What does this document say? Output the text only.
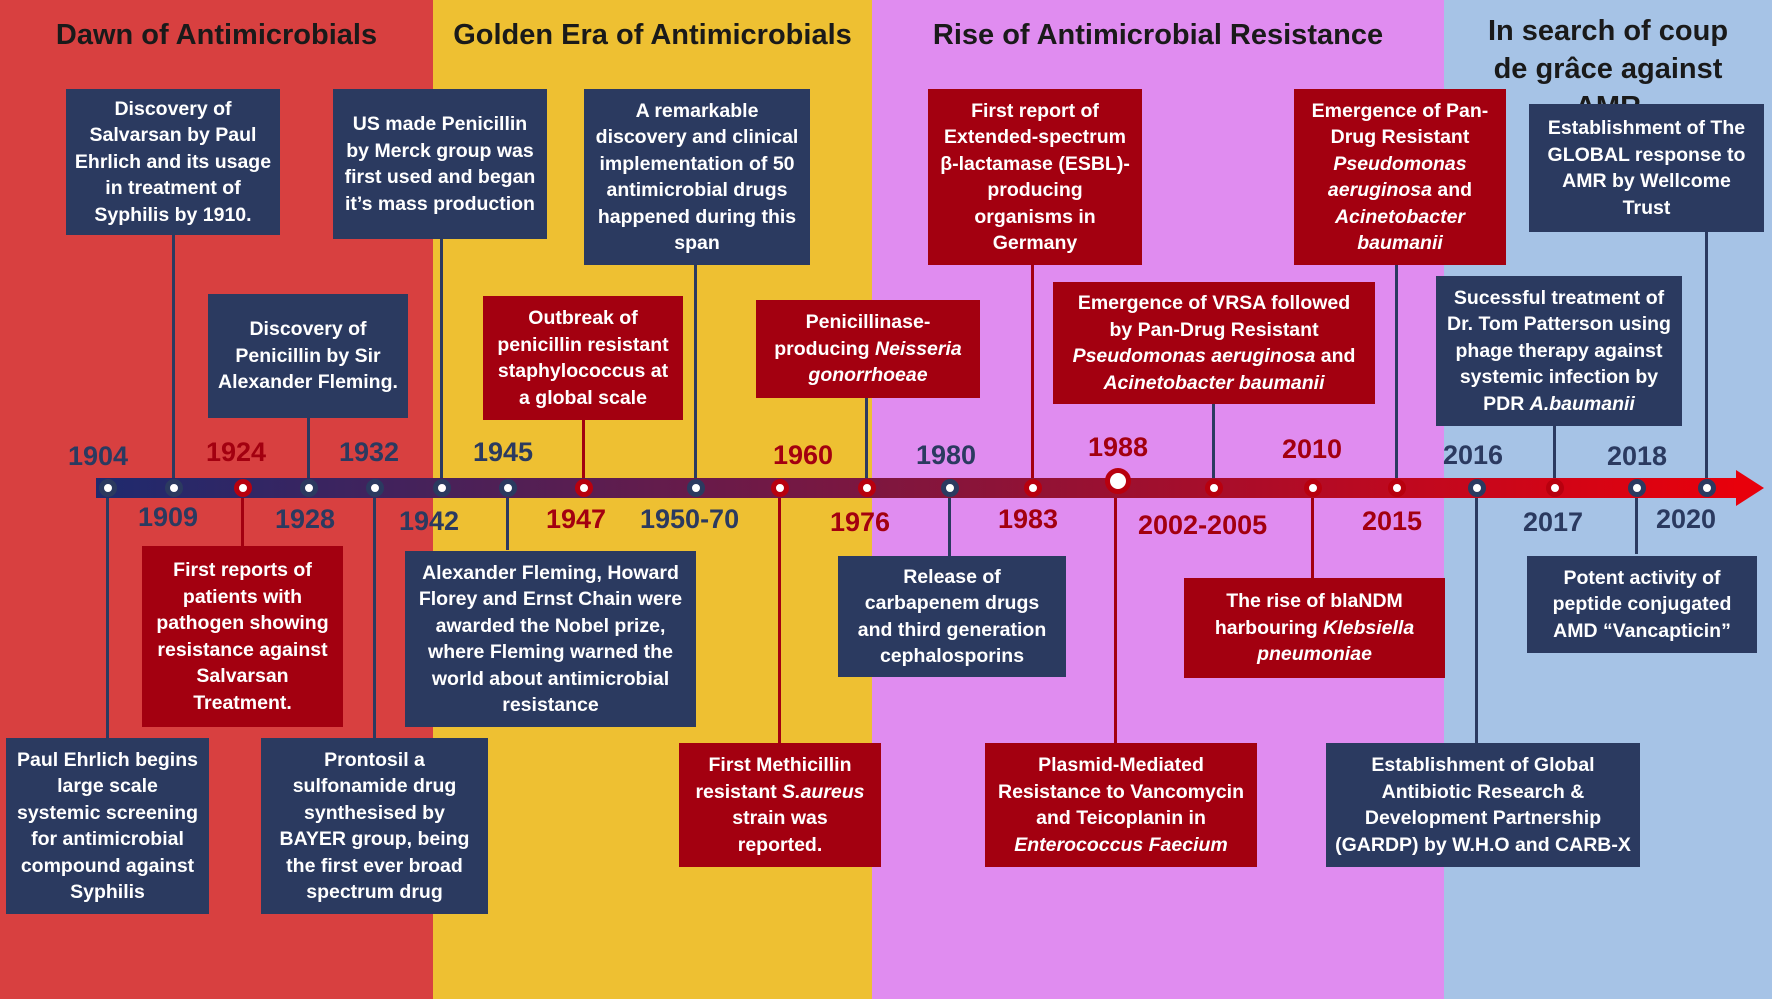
Dawn of Antimicrobials	Golden Era of Antimicrobials	Rise of Antimicrobial Resistance	In search of coup de grâce against
1904
1909
1924
1928
1932
1942
1945
1947 1950-70
1960
1976
1980
1983
1988
2002-2005
2010
2015
2016
2017
2018
2020
Discovery of Salvarsan by Paul Ehrlich and its usage in treatment of Syphilis by 1910.
Discovery of Penicillin by Sir Alexander Fleming.
US made Penicillin by Merck group was first used and began it’s mass production
A remarkable discovery and clinical implementation of 50 antimicrobial drugs happened during this span
Outbreak of penicillin resistant staphylococcus at a global scale
Penicillinase-
producing Neisseria
gonorrhoeae
First report of Extended-spectrum β-lactamase (ESBL)-producing organisms in Germany
Emergence of VRSA followed
by Pan-Drug Resistant
Pseudomonas aeruginosa and
Acinetobacter baumanii
Emergence of Pan-
Drug Resistant
Pseudomonas
aeruginosa and
Acinetobacter
baumanii
Establishment of The GLOBAL response to AMR by Wellcome Trust
Sucessful treatment of
Dr. Tom Patterson using
phage therapy against
systemic infection by
PDR A.baumanii
Paul Ehrlich begins large scale systemic screening for antimicrobial compound against Syphilis
First reports of patients with pathogen showing resistance against Salvarsan Treatment.
Prontosil a sulfonamide drug synthesised by BAYER group, being the first ever broad spectrum drug
Alexander Fleming, Howard Florey and Ernst Chain were awarded the Nobel prize, where Fleming warned the world about antimicrobial resistance
First Methicillin
resistant S.aureus
strain was
reported.
Release of carbapenem drugs and third generation cephalosporins
Plasmid-Mediated
Resistance to Vancomycin
and Teicoplanin in
Enterococcus Faecium
The rise of blaNDM
harbouring Klebsiella
pneumoniae
Establishment of Global Antibiotic Research & Development Partnership (GARDP) by W.H.O and CARB-X
Potent activity of peptide conjugated AMD “Vancapticin”
